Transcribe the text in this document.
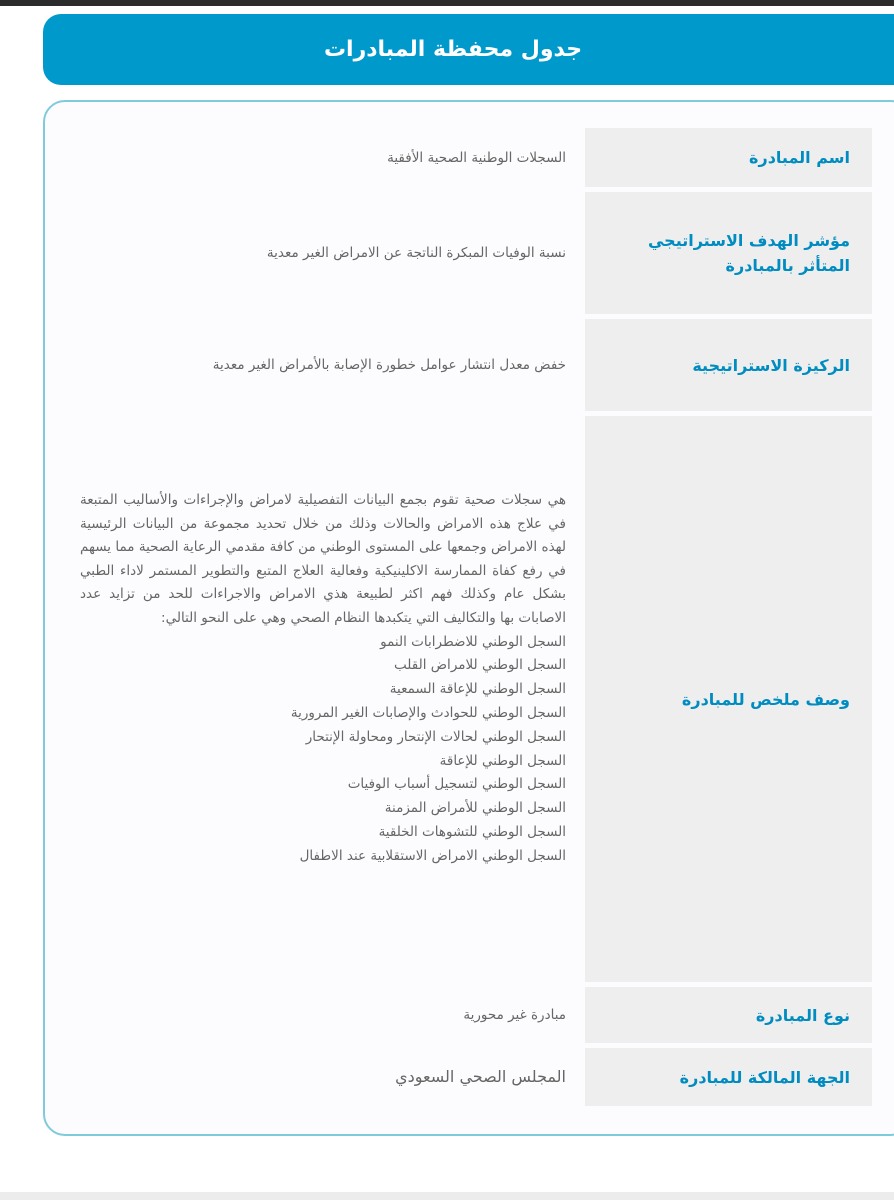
جدول محفظة المبادرات
اسم المبادرة
السجلات الوطنية الصحية الأفقية
مؤشر الهدف الاستراتيجي المتأثر بالمبادرة
نسبة الوفيات المبكرة الناتجة عن الامراض الغير معدية
الركيزة الاستراتيجية
خفض معدل انتشار عوامل خطورة الإصابة بالأمراض الغير معدية
وصف ملخص للمبادرة

هي سجلات صحية تقوم بجمع البيانات التفصيلية لامراض والإجراءات والأساليب المتبعة في علاج هذه الامراض والحالات وذلك من خلال تحديد مجموعة من البيانات الرئيسية لهذه الامراض وجمعها على المستوى الوطني من كافة مقدمي الرعاية الصحية مما يسهم في رفع كفاة الممارسة الاكلينيكية وفعالية العلاج المتبع والتطوير المستمر لاداء الطبي بشكل عام وكذلك فهم اكثر لطبيعة هذي الامراض والاجراءات للحد من تزايد عدد الاصابات بها والتكاليف التي يتكبدها النظام الصحي وهي على النحو التالي:

السجل الوطني للاضطرابات النمو

السجل الوطني للامراض القلب

السجل الوطني للإعاقة السمعية

السجل الوطني للحوادث والإصابات الغير المرورية

السجل الوطني لحالات الإنتحار ومحاولة الإنتحار

السجل الوطني للإعاقة

السجل الوطني لتسجيل أسباب الوفيات

السجل الوطني للأمراض المزمنة

السجل الوطني للتشوهات الخلقية

السجل الوطني الامراض الاستقلابية عند الاطفال

نوع المبادرة
مبادرة غير محورية
الجهة المالكة للمبادرة
المجلس الصحي السعودي
